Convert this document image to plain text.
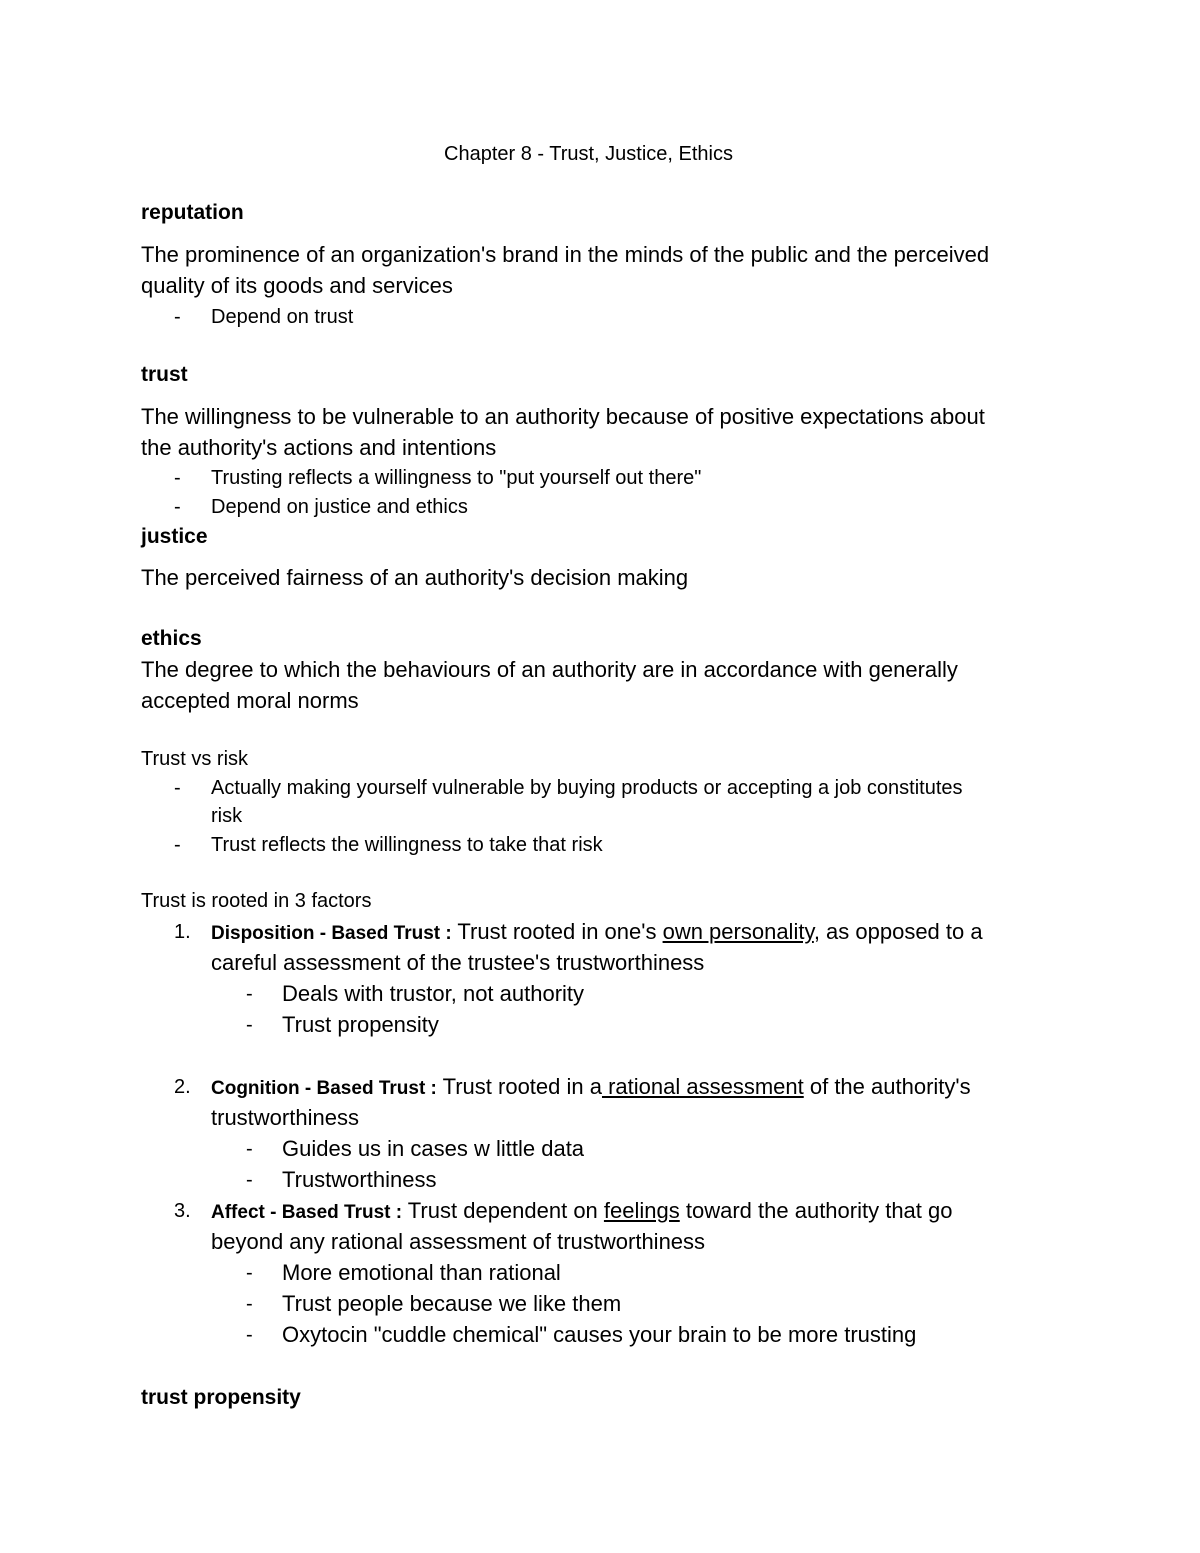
Chapter 8 - Trust, Justice, Ethics
reputation
The prominence of an organization's brand in the minds of the public and the perceived
quality of its goods and services
- Depend on trust
trust
The willingness to be vulnerable to an authority because of positive expectations about
the authority's actions and intentions
- Trusting reflects a willingness to "put yourself out there"
- Depend on justice and ethics
justice
The perceived fairness of an authority's decision making
ethics
The degree to which the behaviours of an authority are in accordance with generally
accepted moral norms
Trust vs risk
- Actually making yourself vulnerable by buying products or accepting a job constitutes
risk
- Trust reflects the willingness to take that risk
Trust is rooted in 3 factors
1. Disposition - Based Trust : Trust rooted in one's own personality, as opposed to a
careful assessment of the trustee's trustworthiness
- Deals with trustor, not authority
- Trust propensity
2. Cognition - Based Trust : Trust rooted in a rational assessment of the authority's
trustworthiness
- Guides us in cases w little data
- Trustworthiness
3. Affect - Based Trust : Trust dependent on feelings toward the authority that go
beyond any rational assessment of trustworthiness
- More emotional than rational
- Trust people because we like them
- Oxytocin "cuddle chemical" causes your brain to be more trusting
trust propensity
